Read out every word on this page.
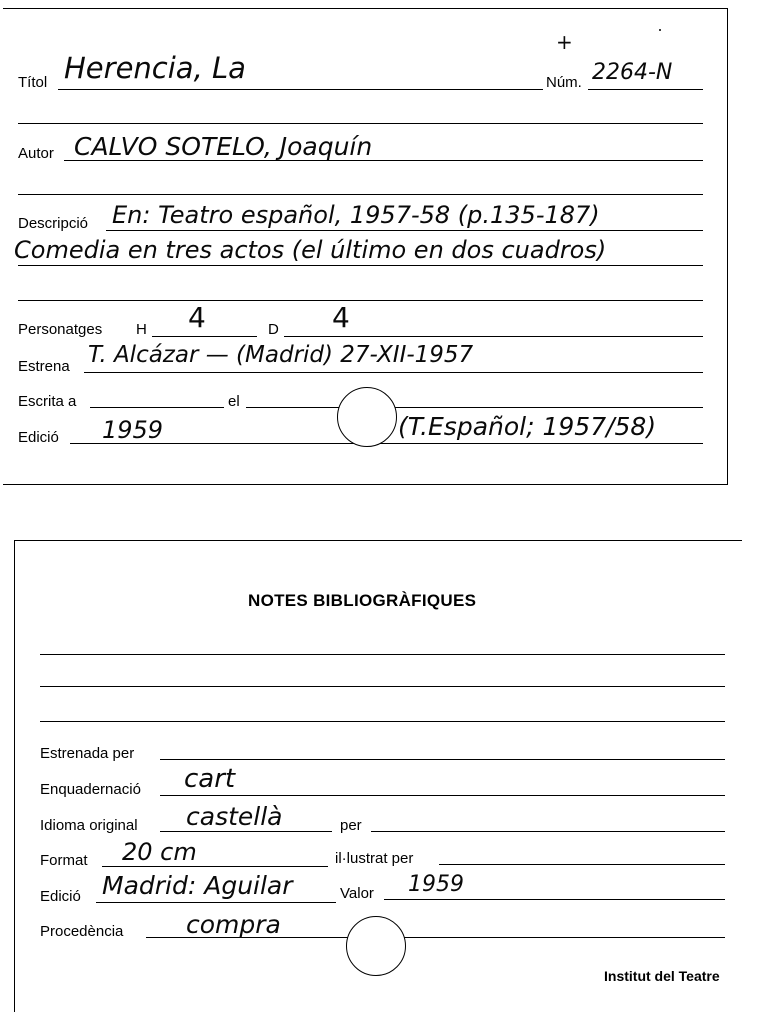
Títol Herencia, La	Núm. 2264-N
+
Autor CALVO SOTELO, Joaquín
Descripció En: Teatro español, 1957-58 (p.135-187)
Comedia en tres actos (el último en dos cuadros)
Personatges H 4	D 4
Estrena T. Alcázar — (Madrid) 27-XII-1957
Escrita a	el
Edició 1959	(T.Español; 1957/58)
NOTES BIBLIOGRÀFIQUES
Estrenada per
Enquadernació cart
Idioma original castellà	per
Format 20 cm	il·lustrat per
Edició Madrid: Aguilar	Valor 1959
Procedència	compra
Institut del Teatre
